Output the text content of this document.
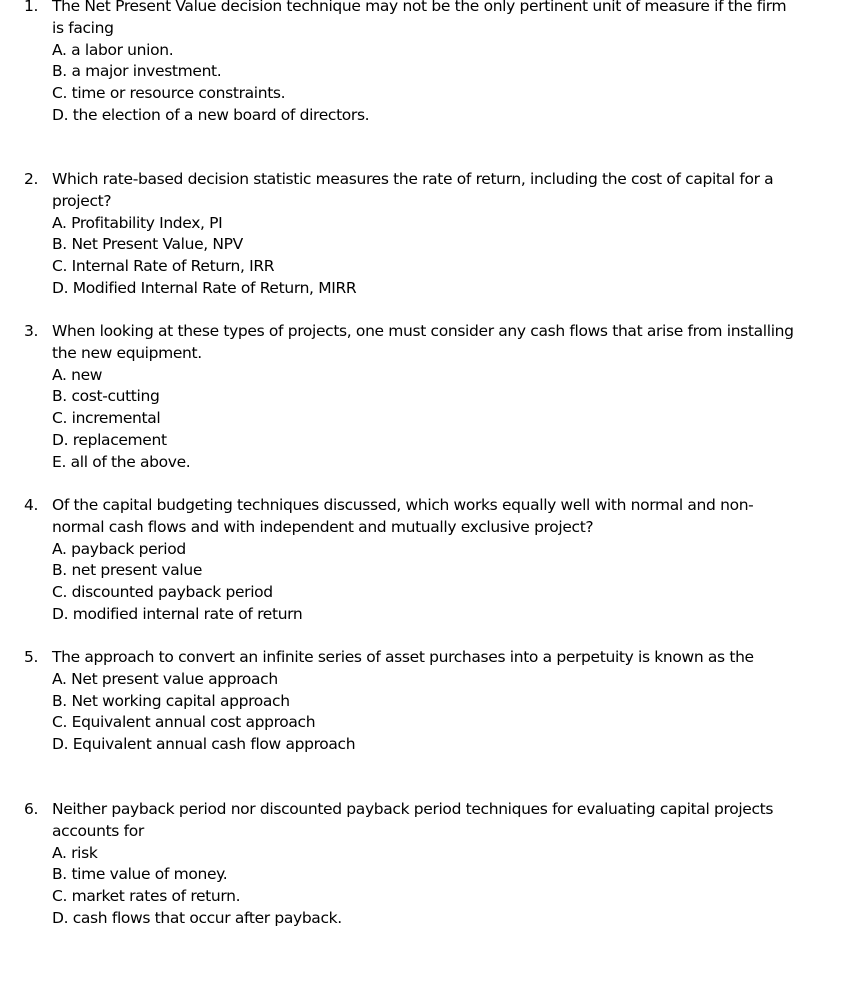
1. The Net Present Value decision technique may not be the only pertinent unit of measure if the firm is facing
A. a labor union.
B. a major investment.
C. time or resource constraints.
D. the election of a new board of directors.
2. Which rate-based decision statistic measures the rate of return, including the cost of capital for a project?
A. Profitability Index, PI
B. Net Present Value, NPV
C. Internal Rate of Return, IRR
D. Modified Internal Rate of Return, MIRR
3. When looking at these types of projects, one must consider any cash flows that arise from installing the new equipment.
A. new
B. cost-cutting
C. incremental
D. replacement
E. all of the above.
4. Of the capital budgeting techniques discussed, which works equally well with normal and non-normal cash flows and with independent and mutually exclusive project?
A. payback period
B. net present value
C. discounted payback period
D. modified internal rate of return
5. The approach to convert an infinite series of asset purchases into a perpetuity is known as the
A. Net present value approach
B. Net working capital approach
C. Equivalent annual cost approach
D. Equivalent annual cash flow approach
6. Neither payback period nor discounted payback period techniques for evaluating capital projects accounts for
A. risk
B. time value of money.
C. market rates of return.
D. cash flows that occur after payback.
